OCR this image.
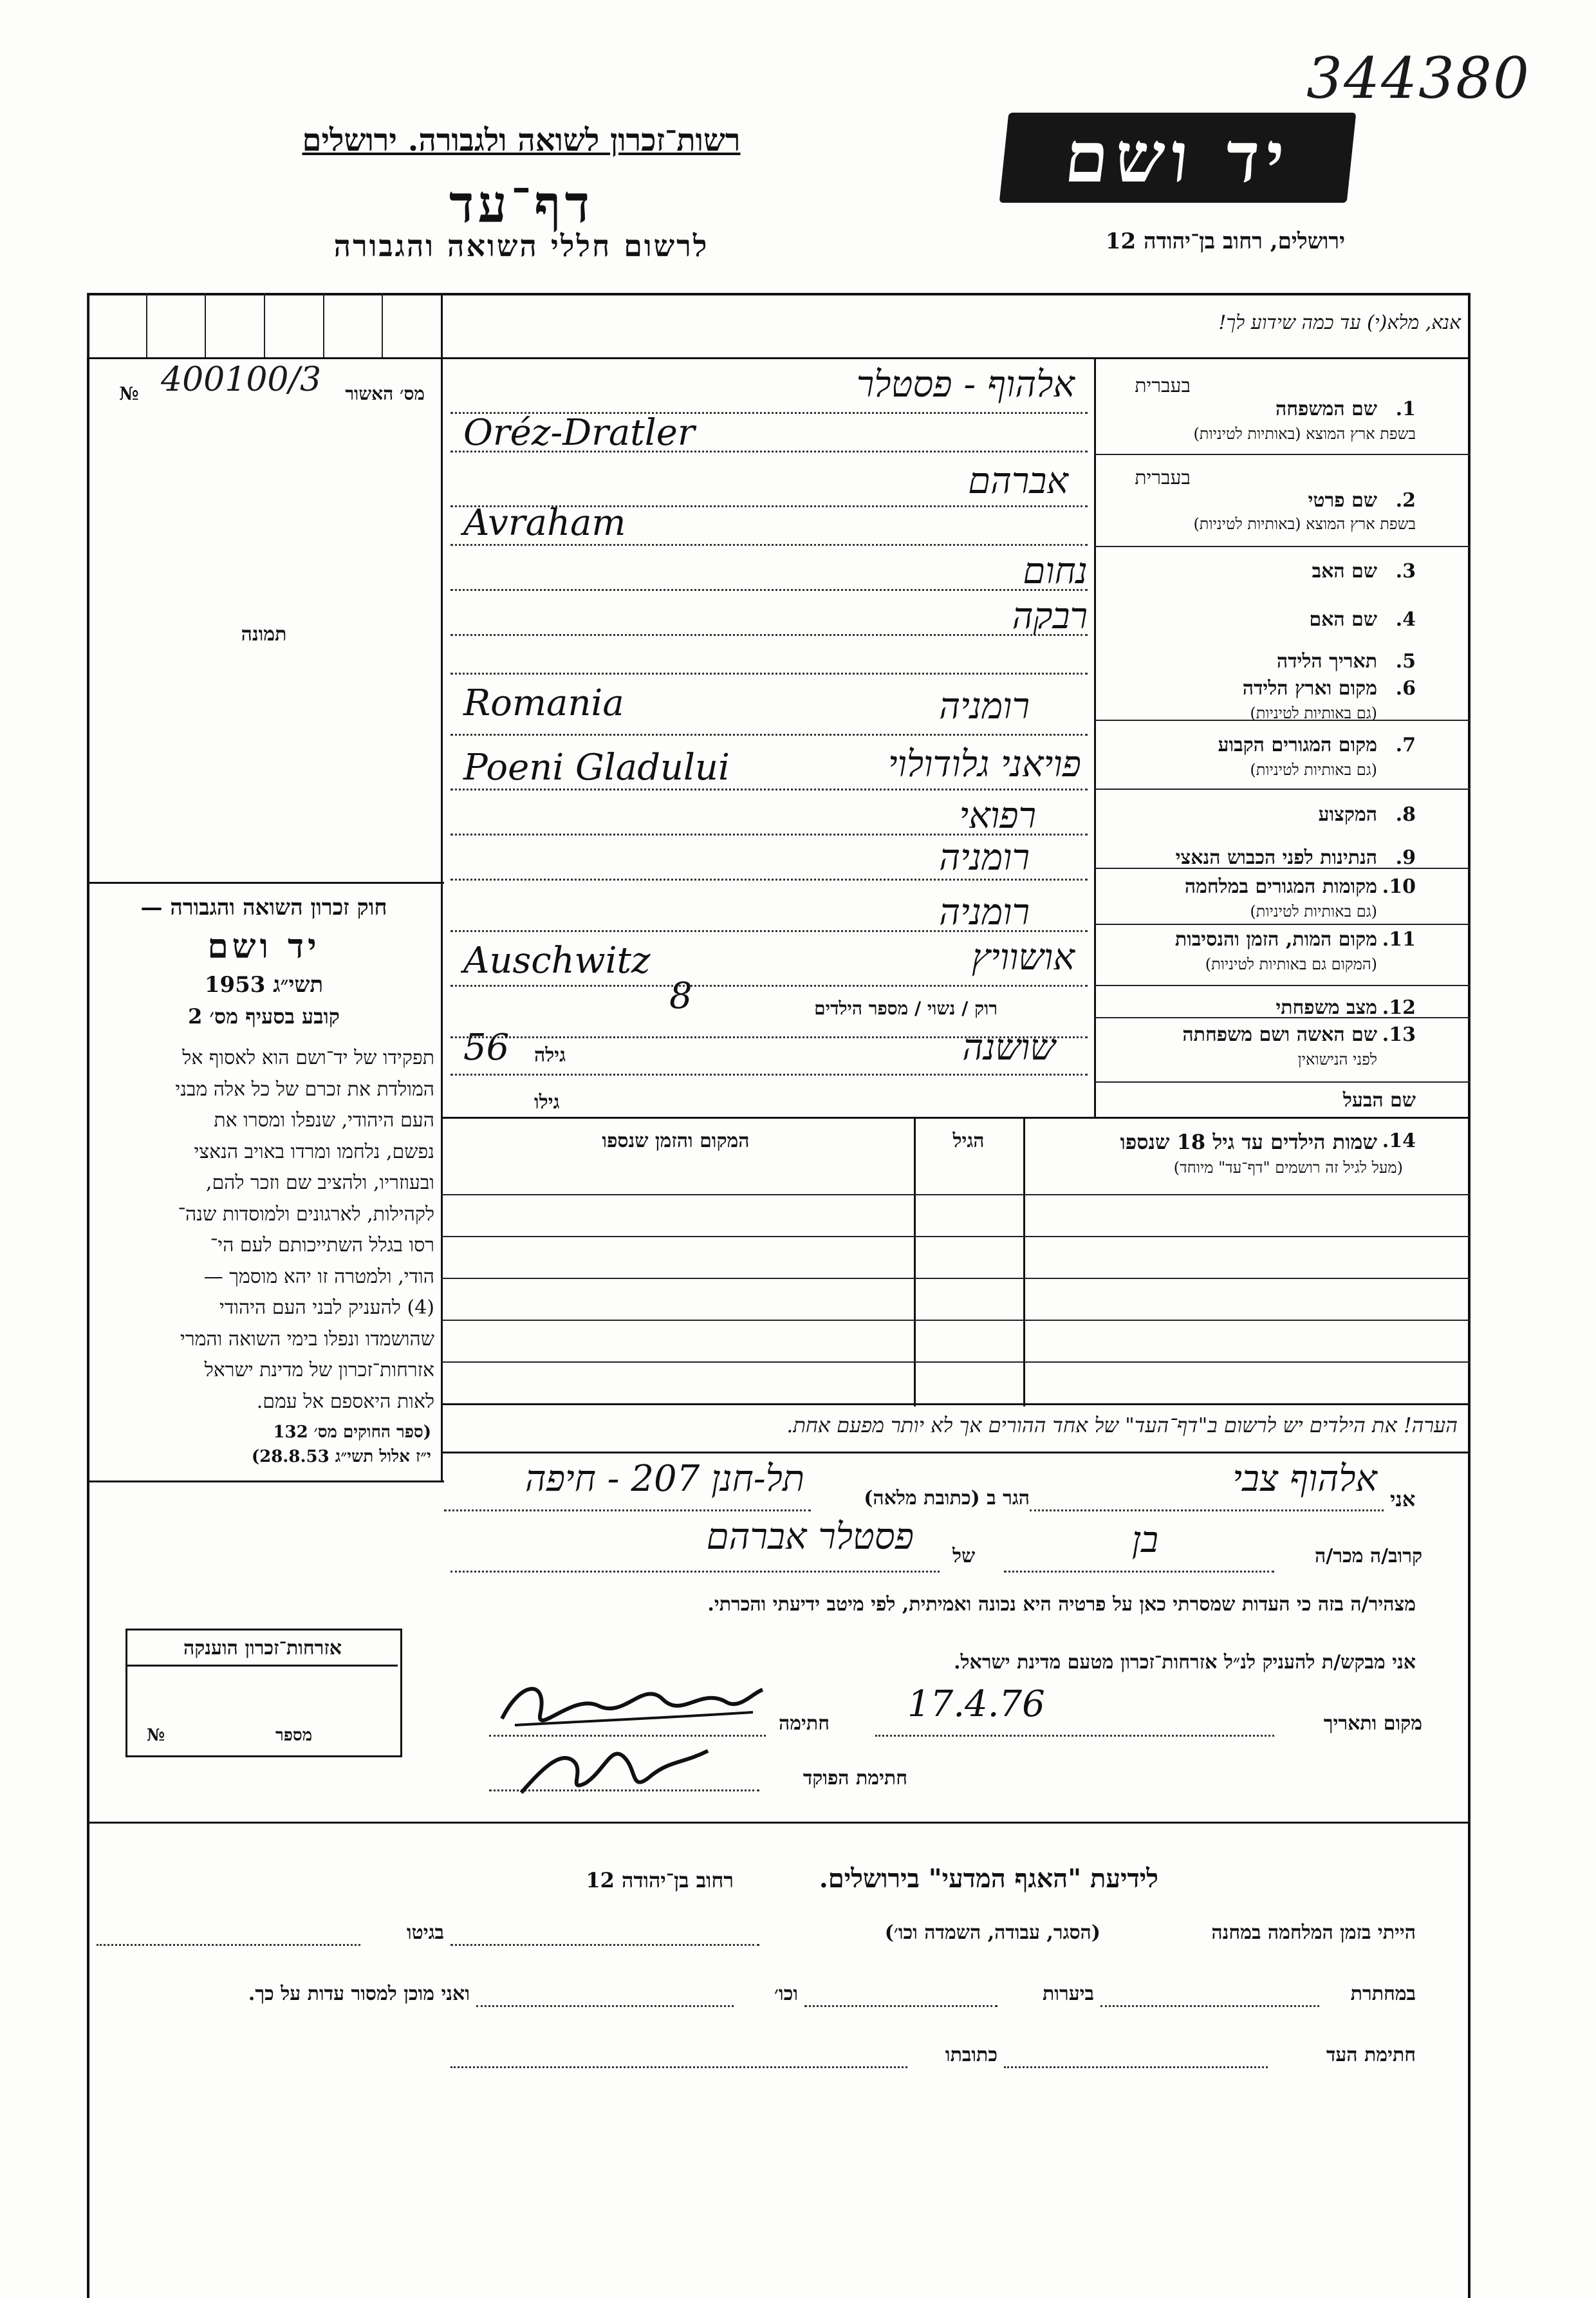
344380
רשות־זכרון לשואה ולגבורה. ירושלים
דף־עד
לרשום חללי השואה והגבורה
יד ושם
ירושלים, רחוב בן־יהודה 12
מס׳ האשור
№ 400100/3
תמונה
חוק זכרון השואה והגבורה —
יד ושם
תשי״ג 1953
קובע בסעיף מס׳ 2
תפקידו של יד־ושם הוא לאסוף אל
המולדת את זכרם של כל אלה מבני
העם היהודי, שנפלו ומסרו את
נפשם, נלחמו ומרדו באויב הנאצי
ובעוזריו, ולהציב שם וזכר להם,
לקהילות, לארגונים ולמוסדות שנה־
רסו בגלל השתייכותם לעם הי־
הודי, ולמטרה זו יהא מוסמך —
(4) להעניק לבני העם היהודי
שהושמדו ונפלו בימי השואה והמרי
אזרחות־זכרון של מדינת ישראל
לאות היאספם אל עמם.
(ספר החוקים מס׳ 132
י״ז אלול תשי״ג 28.8.53)
אזרחות־זכרון הוענקה
מספר
№
אנא, מלא(י) עד כמה שידוע לך!
1.
בעברית
שם המשפחה
בשפת ארץ המוצא (באותיות לטיניות)
2.
בעברית
שם פרטי
בשפת ארץ המוצא (באותיות לטיניות)
3.
שם האב
4.
שם האם
5.
תאריך הלידה
6.
מקום וארץ הלידה
(גם באותיות לטיניות)
7.
מקום המגורים הקבוע
(גם באותיות לטיניות)
8.
המקצוע
9.
הנתינות לפני הכבוש הנאצי
10.
מקומות המגורים במלחמה
(גם באותיות לטיניות)
11.
מקום המות, הזמן והנסיבות
(המקום גם באותיות לטיניות)
12.
מצב משפחתי
13.
שם האשה ושם משפחתה
לפני הנישואין
שם הבעל
אלהוף - פסטלר
Oréz-Dratler
אברהם
Avraham
נחום
רבקה
רומניה
Romania
פויאני גלודולוי
Poeni Gladului
רפואי
רומניה
רומניה
אושוויץ
Auschwitz
רוק / נשוי / מספר הילדים
8
שושנה
גילה
56
גילו
14.
שמות הילדים עד גיל 18 שנספו
(מעל לגיל זה רושמים "דף־עד" מיוחד)
הגיל
המקום והזמן שנספו
הערה! את הילדים יש לרשום ב"דף־העד" של אחד ההורים אך לא יותר מפעם אחת.
אני
אלהוף צבי
הגר ב (כתובת מלאה)
תל-חנן 207 - חיפה
קרוב/ה מכר/ה
בן
של
פסטלר אברהם
מצהיר/ה בזה כי העדות שמסרתי כאן על פרטיה היא נכונה ואמיתית, לפי מיטב ידיעתי והכרתי.
אני מבקש/ת להעניק לנ״ל אזרחות־זכרון מטעם מדינת ישראל.
מקום ותאריך
17.4.76
חתימה
חתימת הפוקד
לידיעת "האגף המדעי" בירושלים.
רחוב בן־יהודה 12
הייתי בזמן המלחמה במחנה
(הסגר, עבודה, השמדה וכו׳)
בגיטו
במחתרת
ביערות
וכו׳
ואני מוכן למסור עדות על כך.
חתימת העד
כתובתו
